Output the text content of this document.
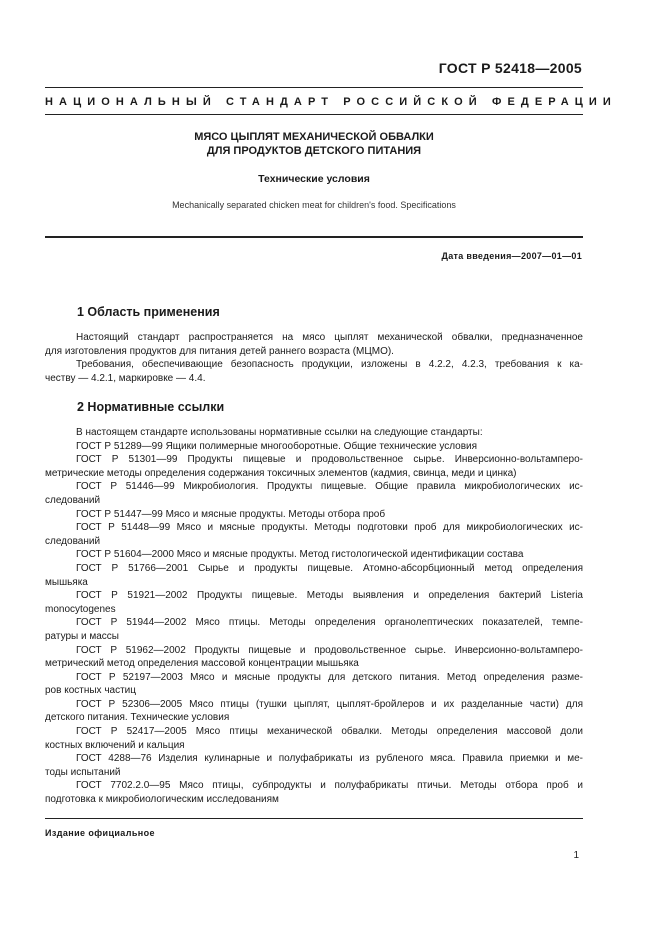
ГОСТ Р 52418—2005
НАЦИОНАЛЬНЫЙ СТАНДАРТ РОССИЙСКОЙ ФЕДЕРАЦИИ
МЯСО ЦЫПЛЯТ МЕХАНИЧЕСКОЙ ОБВАЛКИ
ДЛЯ ПРОДУКТОВ ДЕТСКОГО ПИТАНИЯ
Технические условия
Mechanically separated chicken meat for children's food. Specifications
Дата введения—2007—01—01
1 Область применения
Настоящий стандарт распространяется на мясо цыплят механической обвалки, предназначенное
для изготовления продуктов для питания детей раннего возраста (МЦМО).
Требования, обеспечивающие безопасность продукции, изложены в 4.2.2, 4.2.3, требования к ка-
честву — 4.2.1, маркировке — 4.4.
2 Нормативные ссылки
В настоящем стандарте использованы нормативные ссылки на следующие стандарты:
ГОСТ Р 51289—99 Ящики полимерные многооборотные. Общие технические условия
ГОСТ Р 51301—99 Продукты пищевые и продовольственное сырье. Инверсионно-вольтамперо-
метрические методы определения содержания токсичных элементов (кадмия, свинца, меди и цинка)
ГОСТ Р 51446—99 Микробиология. Продукты пищевые. Общие правила микробиологических ис-
следований
ГОСТ Р 51447—99 Мясо и мясные продукты. Методы отбора проб
ГОСТ Р 51448—99 Мясо и мясные продукты. Методы подготовки проб для микробиологических ис-
следований
ГОСТ Р 51604—2000 Мясо и мясные продукты. Метод гистологической идентификации состава
ГОСТ Р 51766—2001 Сырье и продукты пищевые. Атомно-абсорбционный метод определения
мышьяка
ГОСТ Р 51921—2002 Продукты пищевые. Методы выявления и определения бактерий Listeria
monocytogenes
ГОСТ Р 51944—2002 Мясо птицы. Методы определения органолептических показателей, темпе-
ратуры и массы
ГОСТ Р 51962—2002 Продукты пищевые и продовольственное сырье. Инверсионно-вольтамперо-
метрический метод определения массовой концентрации мышьяка
ГОСТ Р 52197—2003 Мясо и мясные продукты для детского питания. Метод определения разме-
ров костных частиц
ГОСТ Р 52306—2005 Мясо птицы (тушки цыплят, цыплят-бройлеров и их разделанные части) для
детского питания. Технические условия
ГОСТ Р 52417—2005 Мясо птицы механической обвалки. Методы определения массовой доли
костных включений и кальция
ГОСТ 4288—76 Изделия кулинарные и полуфабрикаты из рубленого мяса. Правила приемки и ме-
тоды испытаний
ГОСТ 7702.2.0—95 Мясо птицы, субпродукты и полуфабрикаты птичьи. Методы отбора проб и
подготовка к микробиологическим исследованиям
Издание официальное
1
